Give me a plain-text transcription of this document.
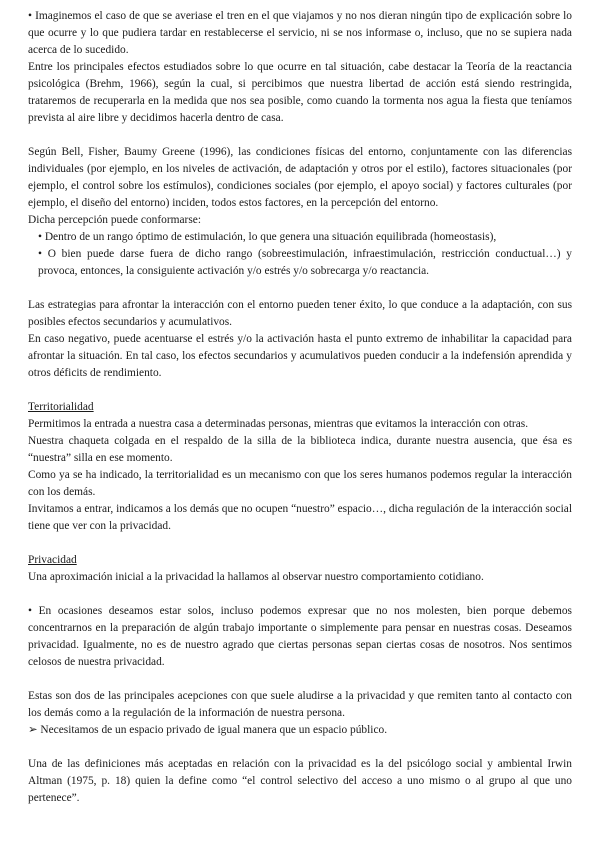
• Imaginemos el caso de que se averiase el tren en el que viajamos y no nos dieran ningún tipo de explicación sobre lo que ocurre y lo que pudiera tardar en restablecerse el servicio, ni se nos informase o, incluso, que no se supiera nada acerca de lo sucedido.

Entre los principales efectos estudiados sobre lo que ocurre en tal situación, cabe destacar la Teoría de la reactancia psicológica (Brehm, 1966), según la cual, si percibimos que nuestra libertad de acción está siendo restringida, trataremos de recuperarla en la medida que nos sea posible, como cuando la tormenta nos agua la fiesta que teníamos prevista al aire libre y decidimos hacerla dentro de casa.

Según Bell, Fisher, Baumy Greene (1996), las condiciones físicas del entorno, conjuntamente con las diferencias individuales (por ejemplo, en los niveles de activación, de adaptación y otros por el estilo), factores situacionales (por ejemplo, el control sobre los estímulos), condiciones sociales (por ejemplo, el apoyo social) y factores culturales (por ejemplo, el diseño del entorno) inciden, todos estos factores, en la percepción del entorno.

Dicha percepción puede conformarse:

• Dentro de un rango óptimo de estimulación, lo que genera una situación equilibrada (homeostasis),

• O bien puede darse fuera de dicho rango (sobreestimulación, infraestimulación, restricción conductual…) y provoca, entonces, la consiguiente activación y/o estrés y/o sobrecarga y/o reactancia.

Las estrategias para afrontar la interacción con el entorno pueden tener éxito, lo que conduce a la adaptación, con sus posibles efectos secundarios y acumulativos.

En caso negativo, puede acentuarse el estrés y/o la activación hasta el punto extremo de inhabilitar la capacidad para afrontar la situación. En tal caso, los efectos secundarios y acumulativos pueden conducir a la indefensión aprendida y otros déficits de rendimiento.

Territorialidad

Permitimos la entrada a nuestra casa a determinadas personas, mientras que evitamos la interacción con otras.

Nuestra chaqueta colgada en el respaldo de la silla de la biblioteca indica, durante nuestra ausencia, que ésa es “nuestra” silla en ese momento.

Como ya se ha indicado, la territorialidad es un mecanismo con que los seres humanos podemos regular la interacción con los demás.

Invitamos a entrar, indicamos a los demás que no ocupen “nuestro” espacio…, dicha regulación de la interacción social tiene que ver con la privacidad.

Privacidad

Una aproximación inicial a la privacidad la hallamos al observar nuestro comportamiento cotidiano.

• En ocasiones deseamos estar solos, incluso podemos expresar que no nos molesten, bien porque debemos concentrarnos en la preparación de algún trabajo importante o simplemente para pensar en nuestras cosas. Deseamos privacidad. Igualmente, no es de nuestro agrado que ciertas personas sepan ciertas cosas de nosotros. Nos sentimos celosos de nuestra privacidad.

Estas son dos de las principales acepciones con que suele aludirse a la privacidad y que remiten tanto al contacto con los demás como a la regulación de la información de nuestra persona.

➢ Necesitamos de un espacio privado de igual manera que un espacio público.

Una de las definiciones más aceptadas en relación con la privacidad es la del psicólogo social y ambiental Irwin Altman (1975, p. 18) quien la define como “el control selectivo del acceso a uno mismo o al grupo al que uno pertenece”.
